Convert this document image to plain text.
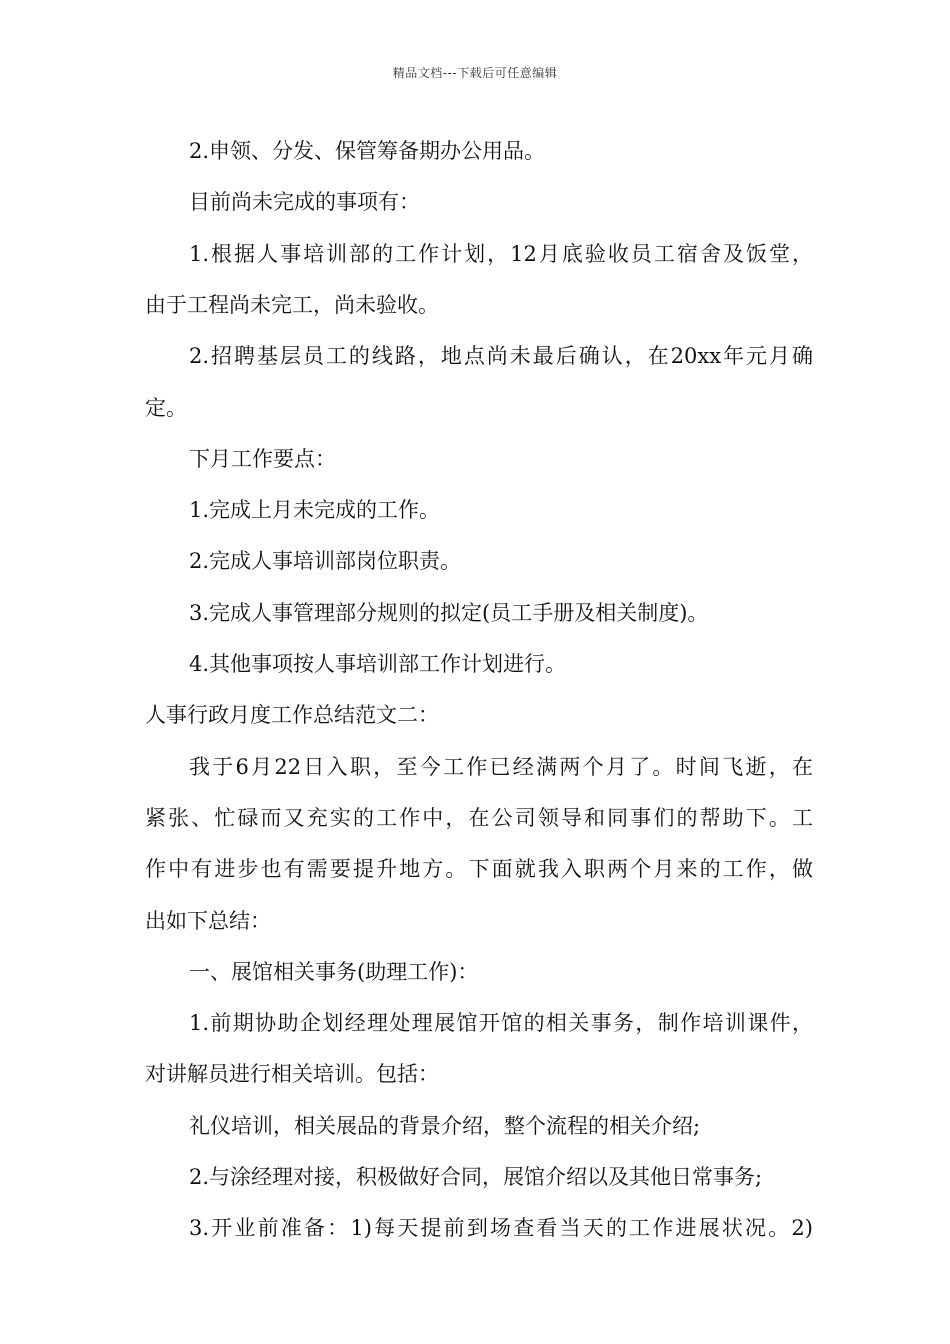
精品文档---下载后可任意编辑
2.申领、分发、保管筹备期办公用品。
目前尚未完成的事项有：
1.根据人事培训部的工作计划，12月底验收员工宿舍及饭堂，
由于工程尚未完工，尚未验收。
2.招聘基层员工的线路，地点尚未最后确认，在20xx年元月确
定。
下月工作要点：
1.完成上月未完成的工作。
2.完成人事培训部岗位职责。
3.完成人事管理部分规则的拟定(员工手册及相关制度)。
4.其他事项按人事培训部工作计划进行。
人事行政月度工作总结范文二：
我于6月22日入职，至今工作已经满两个月了。时间飞逝，在
紧张、忙碌而又充实的工作中，在公司领导和同事们的帮助下。工
作中有进步也有需要提升地方。下面就我入职两个月来的工作，做
出如下总结：
一、展馆相关事务(助理工作)：
1.前期协助企划经理处理展馆开馆的相关事务，制作培训课件，
对讲解员进行相关培训。包括：
礼仪培训，相关展品的背景介绍，整个流程的相关介绍;
2.与涂经理对接，积极做好合同，展馆介绍以及其他日常事务;
3.开业前准备：1)每天提前到场查看当天的工作进展状况。2)
